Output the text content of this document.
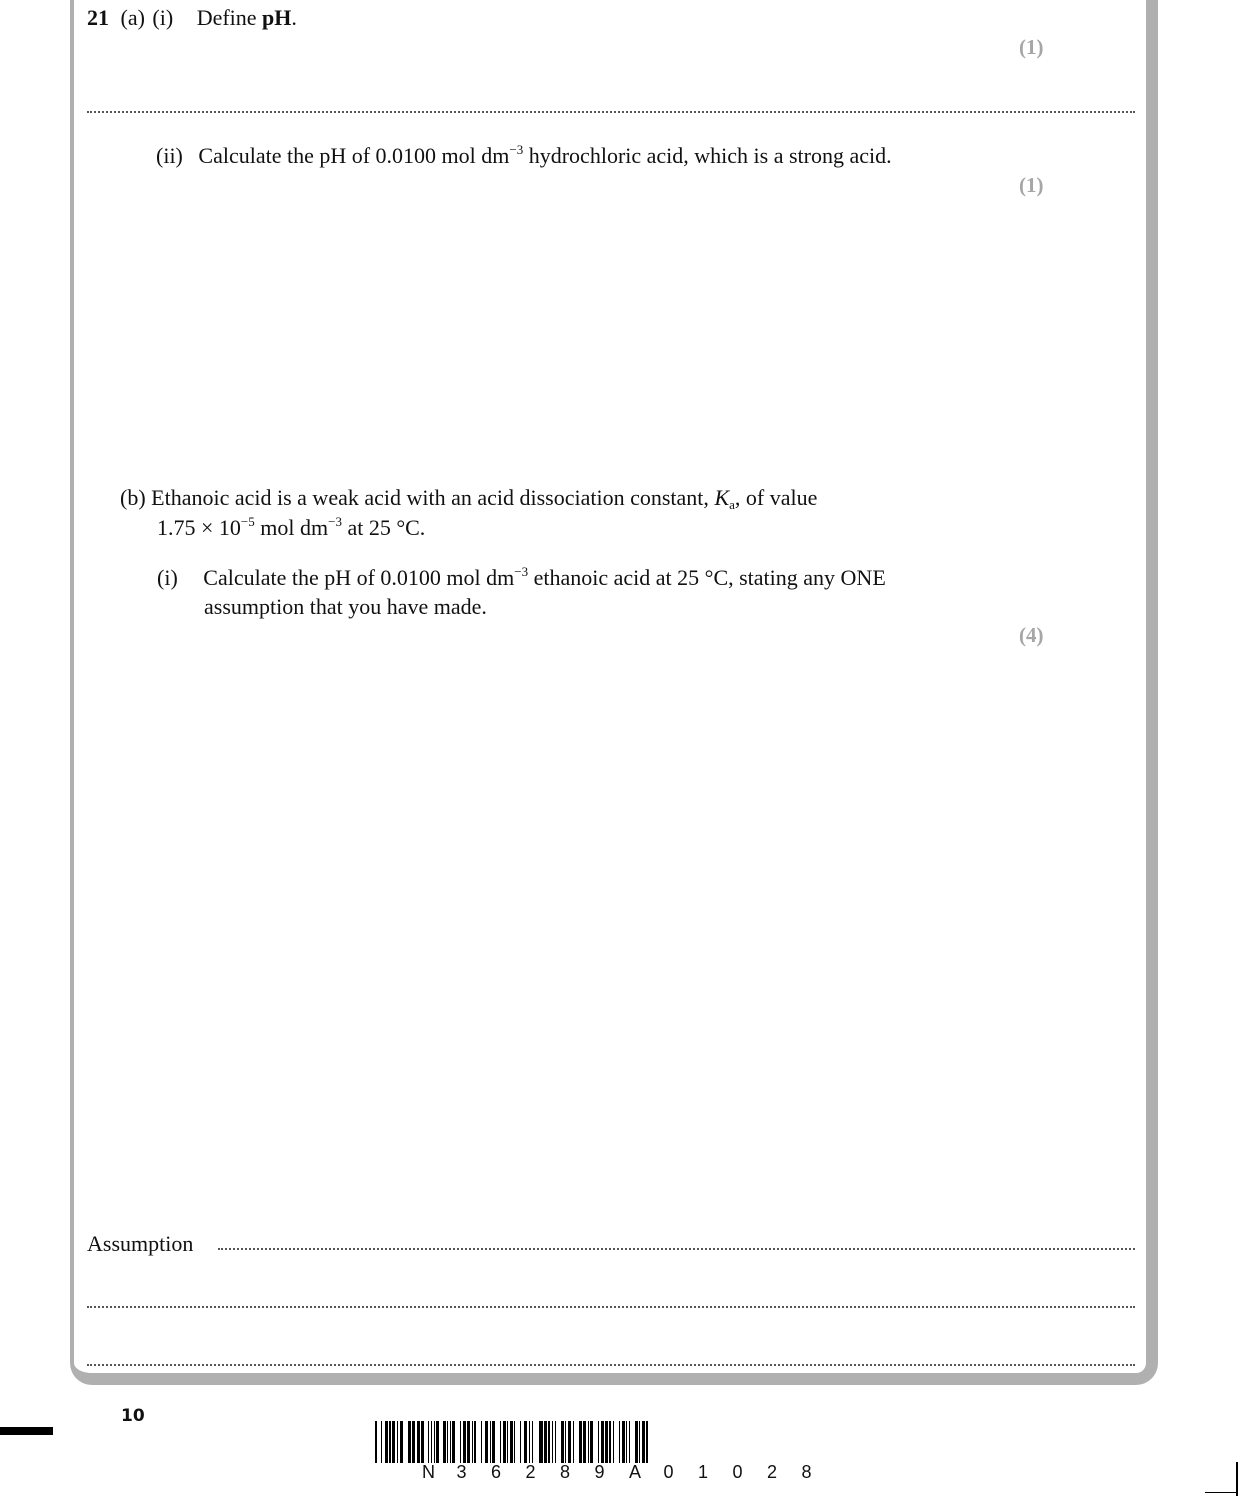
21 (a) (i) Define pH.
(1)
(ii) Calculate the pH of 0.0100 mol $dm^{-3}$ hydrochloric acid, which is a strong acid.
(1)
(b) Ethanoic acid is a weak acid with an acid dissociation constant, $K_a$, of value
$1.75 \times 10^{-5}$ mol $dm^{-3}$ at 25 °C.
(i) Calculate the pH of 0.0100 mol $dm^{-3}$ ethanoic acid at 25 °C, stating any ONE
assumption that you have made.
(4)
Assumption
10
N	3	6	2	8	9	A	0	1	0	2	8
